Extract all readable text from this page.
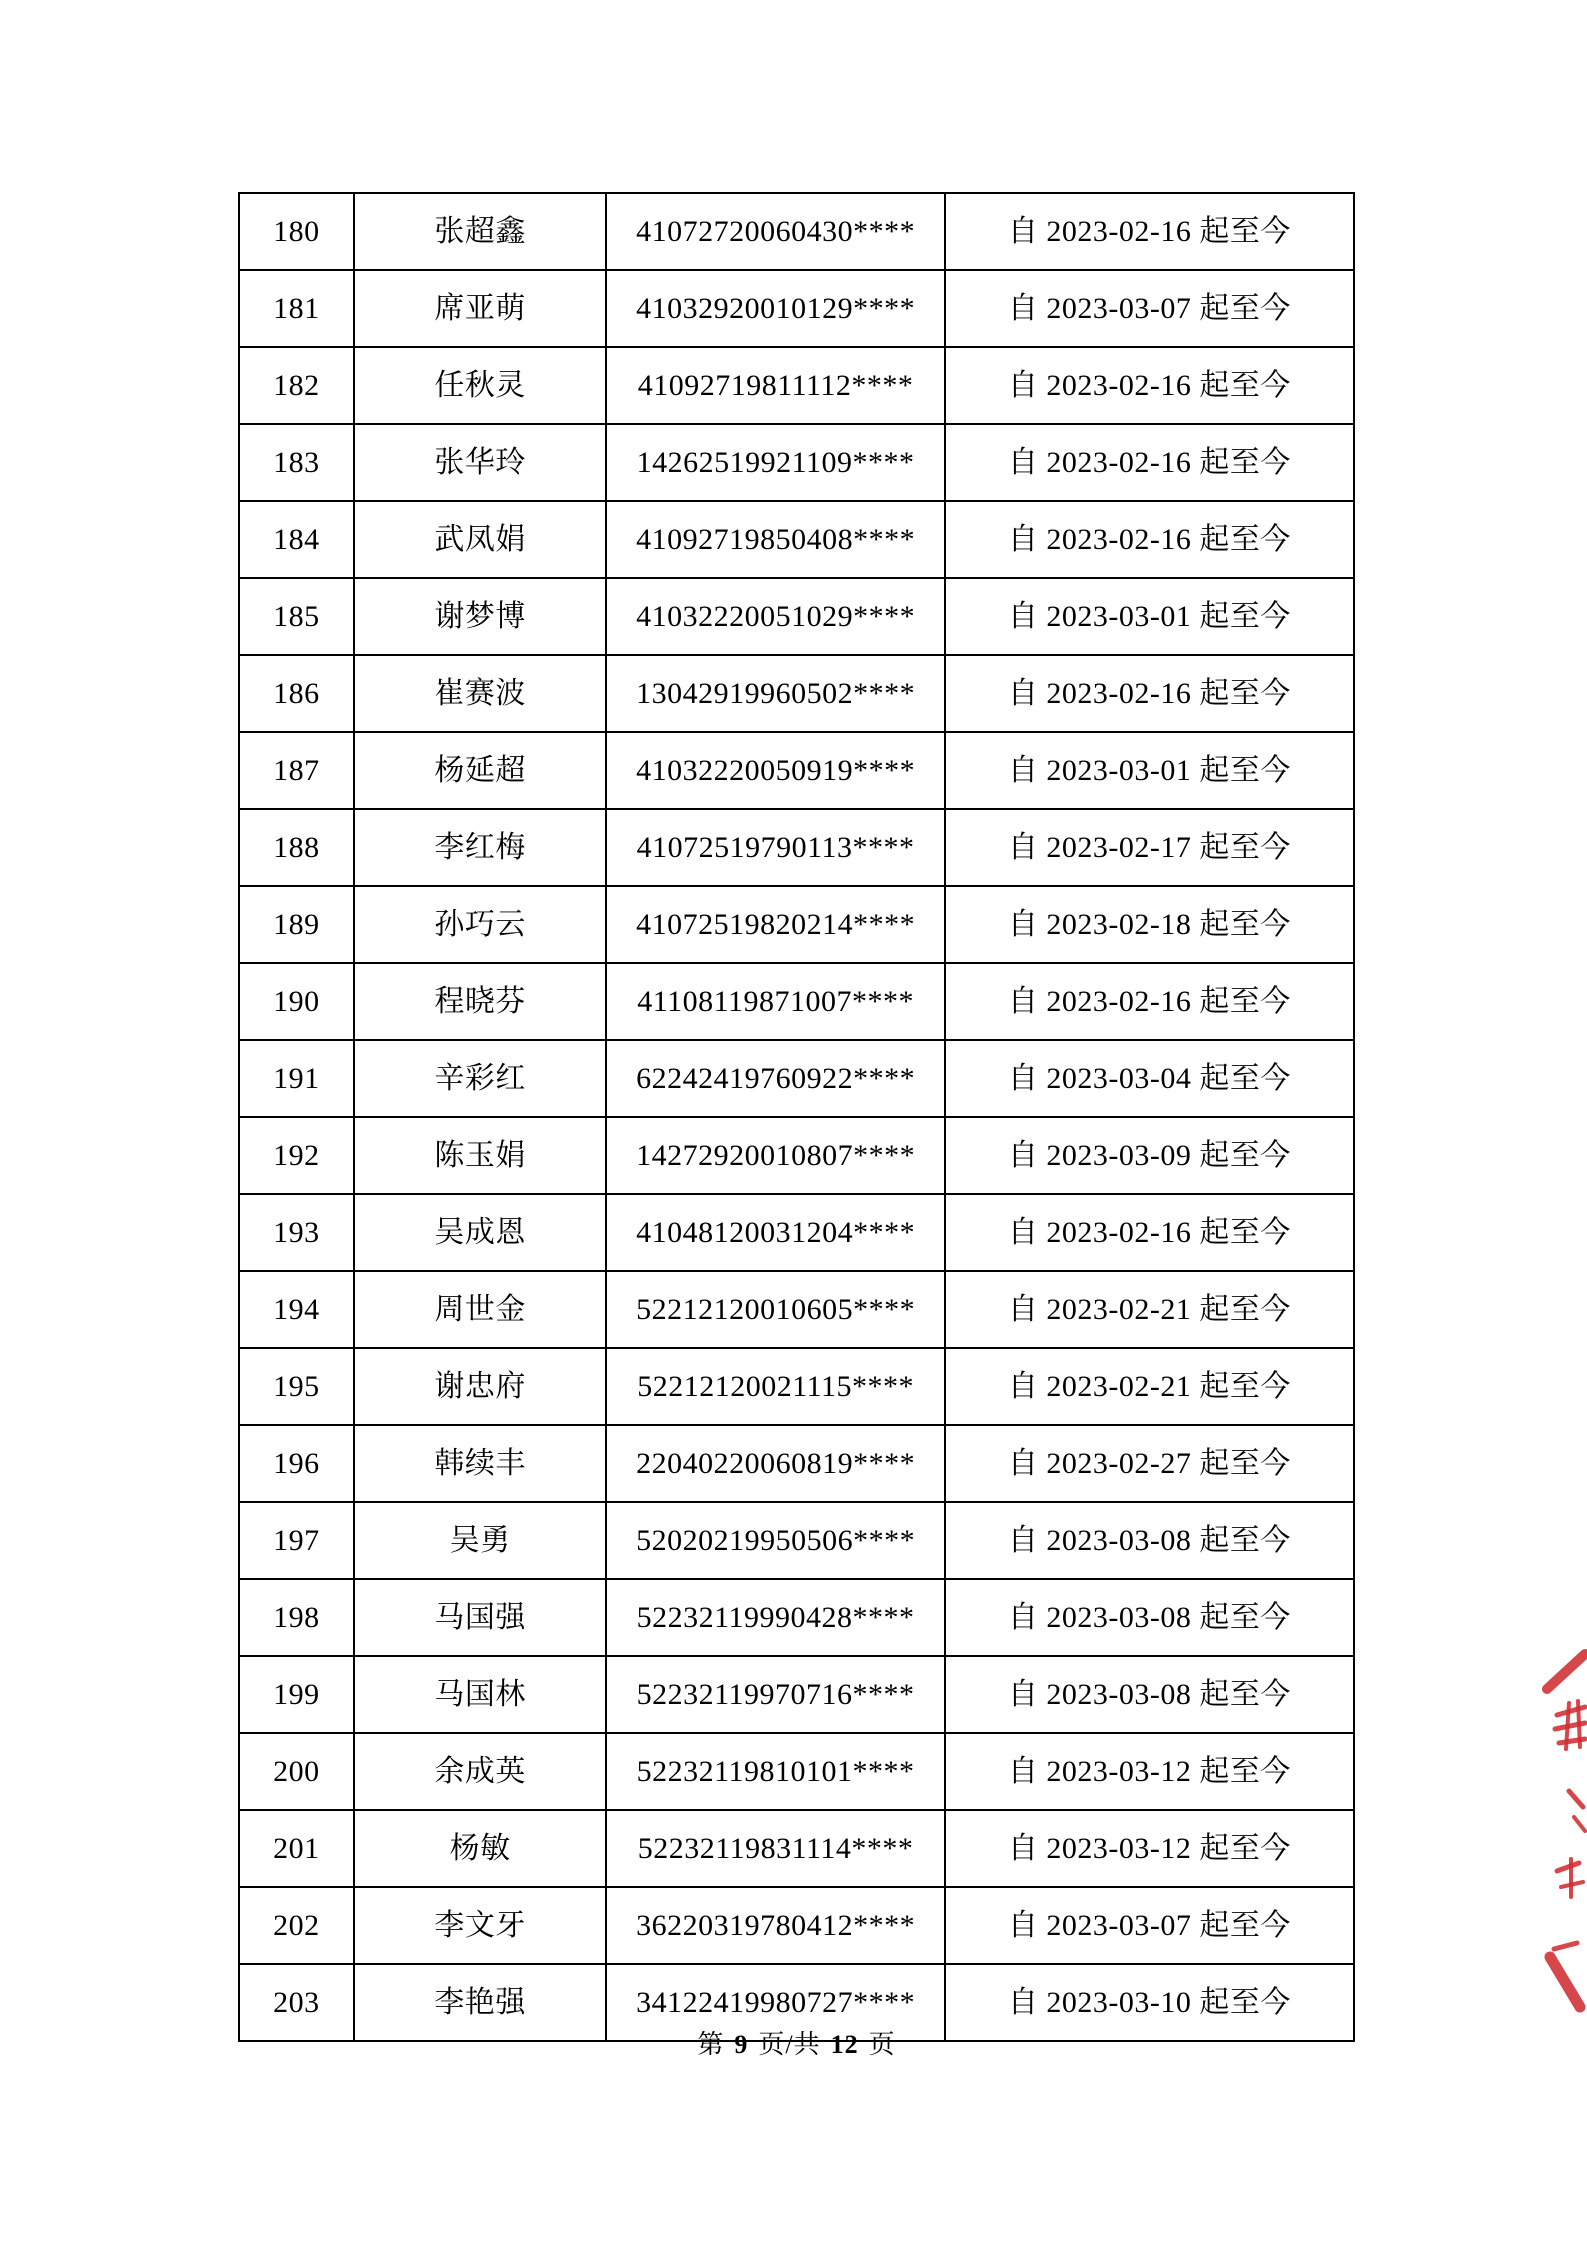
180	张超鑫	41072720060430****	自 2023-02-16 起至今
181	席亚萌	41032920010129****	自 2023-03-07 起至今
182	任秋灵	41092719811112****	自 2023-02-16 起至今
183	张华玲	14262519921109****	自 2023-02-16 起至今
184	武凤娟	41092719850408****	自 2023-02-16 起至今
185	谢梦博	41032220051029****	自 2023-03-01 起至今
186	崔赛波	13042919960502****	自 2023-02-16 起至今
187	杨延超	41032220050919****	自 2023-03-01 起至今
188	李红梅	41072519790113****	自 2023-02-17 起至今
189	孙巧云	41072519820214****	自 2023-02-18 起至今
190	程晓芬	41108119871007****	自 2023-02-16 起至今
191	辛彩红	62242419760922****	自 2023-03-04 起至今
192	陈玉娟	14272920010807****	自 2023-03-09 起至今
193	吴成恩	41048120031204****	自 2023-02-16 起至今
194	周世金	52212120010605****	自 2023-02-21 起至今
195	谢忠府	52212120021115****	自 2023-02-21 起至今
196	韩续丰	22040220060819****	自 2023-02-27 起至今
197	吴勇	52020219950506****	自 2023-03-08 起至今
198	马国强	52232119990428****	自 2023-03-08 起至今
199	马国林	52232119970716****	自 2023-03-08 起至今
200	余成英	52232119810101****	自 2023-03-12 起至今
201	杨敏	52232119831114****	自 2023-03-12 起至今
202	李文牙	36220319780412****	自 2023-03-07 起至今
203	李艳强	34122419980727****	自 2023-03-10 起至今
第 9 页/共 12 页
